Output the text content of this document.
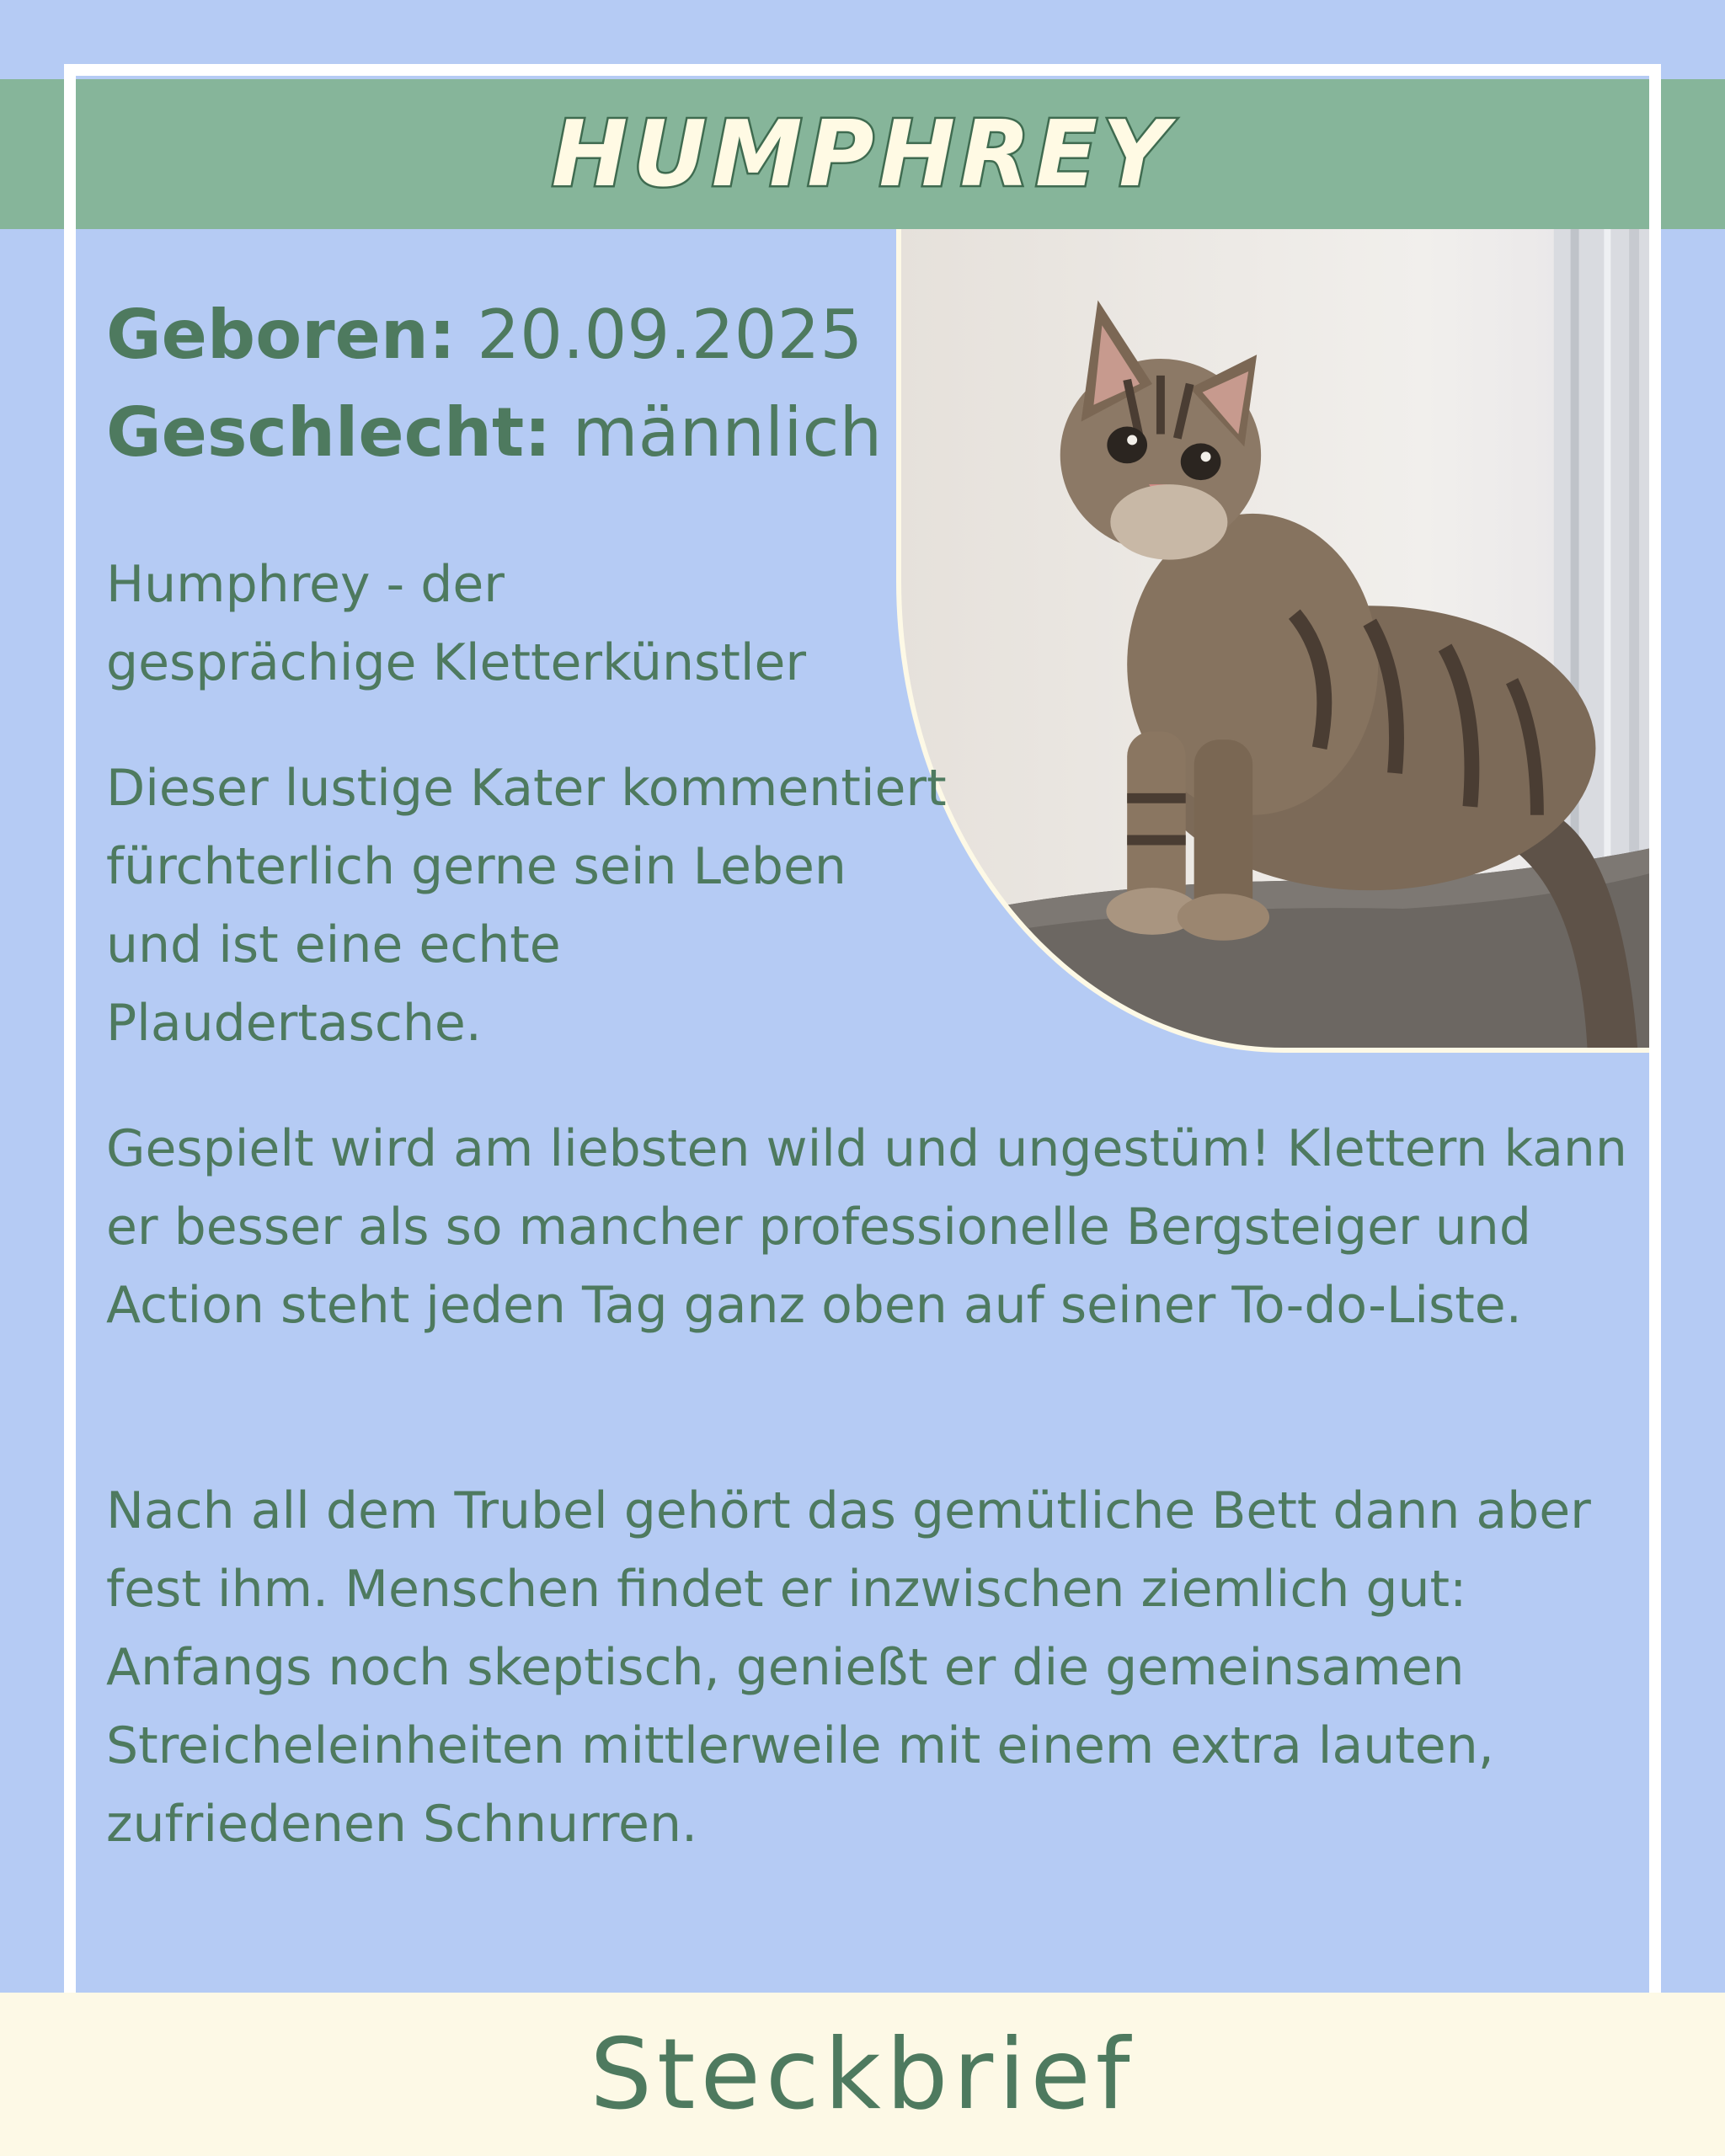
HUMPHREY
Geboren: 20.09.2025
Geschlecht: männlich
Humphrey - der
gesprächige Kletterkünstler

Dieser lustige Kater kommentiert fürchterlich gerne sein Leben und ist eine echte Plaudertasche.

Gespielt wird am liebsten wild und ungestüm! Klettern kann er besser als so mancher professionelle Bergsteiger und Action steht jeden Tag ganz oben auf seiner To-do-Liste.

Nach all dem Trubel gehört das gemütliche Bett dann aber fest ihm. Menschen findet er inzwischen ziemlich gut: Anfangs noch skeptisch, genießt er die gemeinsamen Streicheleinheiten mittlerweile mit einem extra lauten, zufriedenen Schnurren.

Steckbrief
